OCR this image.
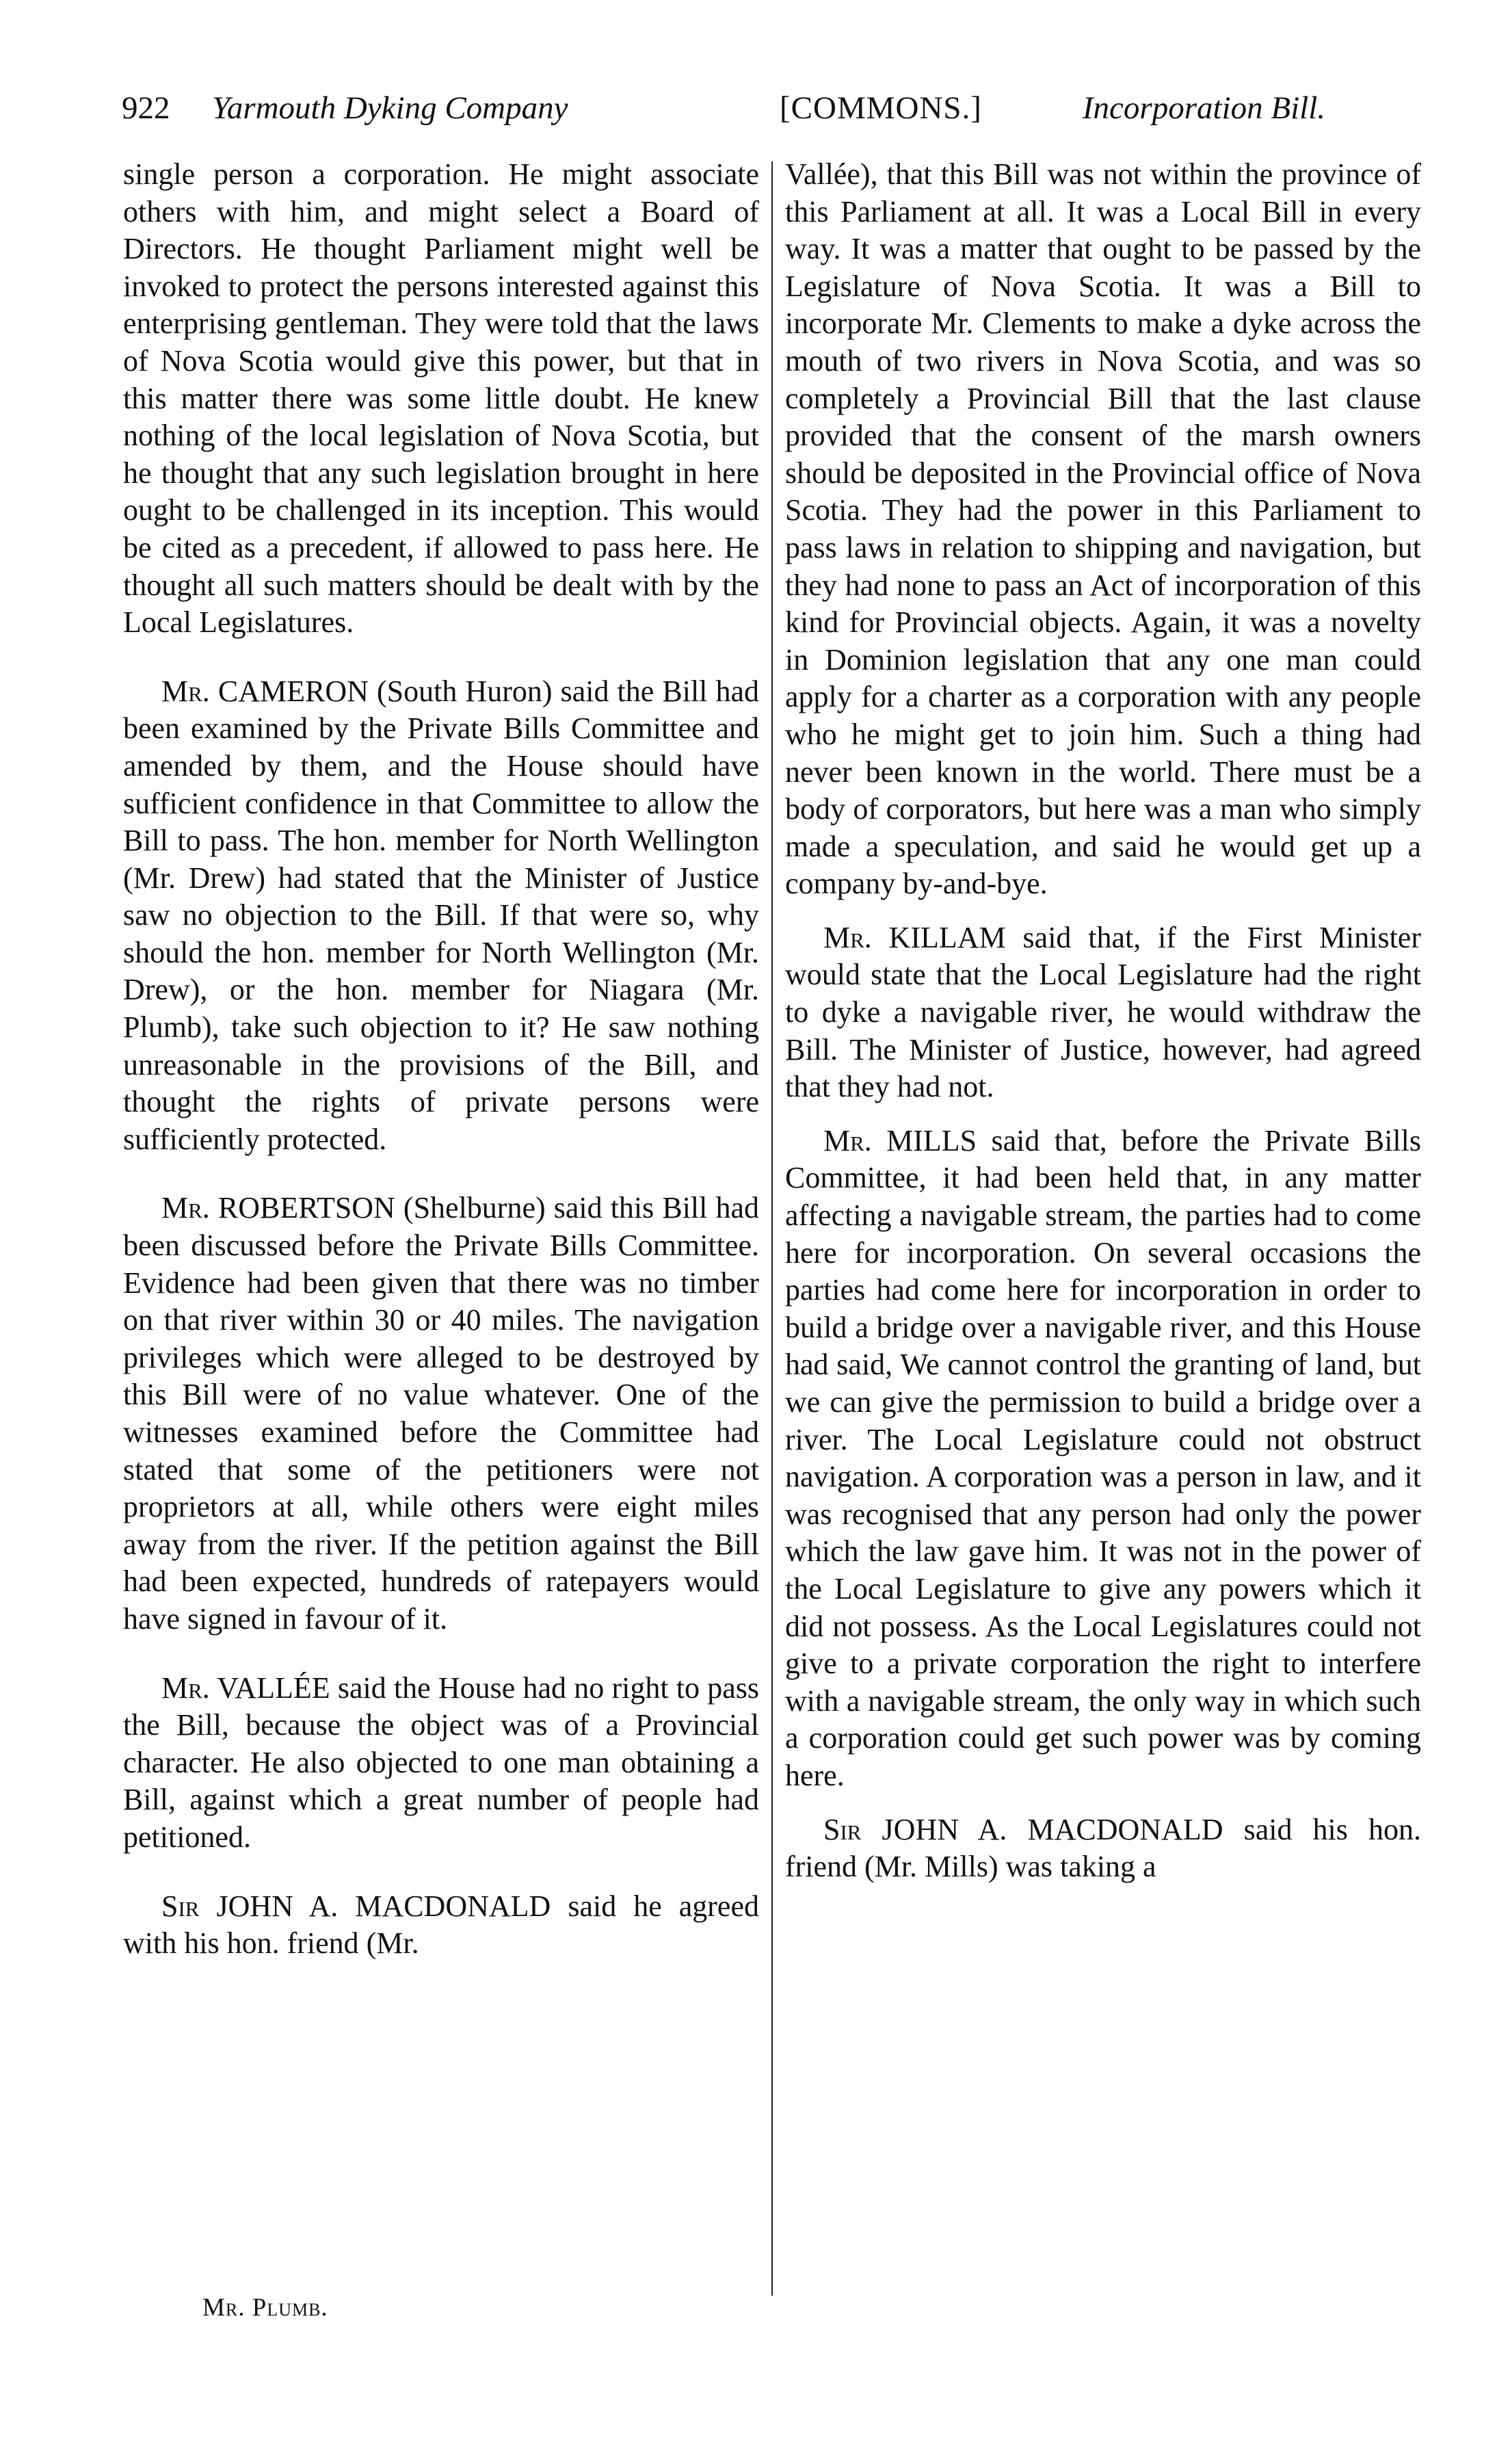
922 Yarmouth Dyking Company	[COMMONS.]	Incorporation Bill.

single person a corporation. He might associate others with him, and might select a Board of Directors. He thought Parliament might well be invoked to protect the persons interested against this enterprising gentleman. They were told that the laws of Nova Scotia would give this power, but that in this matter there was some little doubt. He knew nothing of the local legislation of Nova Scotia, but he thought that any such legislation brought in here ought to be challenged in its inception. This would be cited as a precedent, if allowed to pass here. He thought all such matters should be dealt with by the Local Legislatures.

Mr. CAMERON (South Huron) said the Bill had been examined by the Private Bills Committee and amended by them, and the House should have sufficient confidence in that Committee to allow the Bill to pass. The hon. member for North Wellington (Mr. Drew) had stated that the Minister of Justice saw no objection to the Bill. If that were so, why should the hon. member for North Wellington (Mr. Drew), or the hon. member for Niagara (Mr. Plumb), take such objection to it? He saw nothing unreasonable in the provisions of the Bill, and thought the rights of private persons were sufficiently protected.

Mr. ROBERTSON (Shelburne) said this Bill had been discussed before the Private Bills Committee. Evidence had been given that there was no timber on that river within 30 or 40 miles. The navigation privileges which were alleged to be destroyed by this Bill were of no value whatever. One of the witnesses examined before the Committee had stated that some of the petitioners were not proprietors at all, while others were eight miles away from the river. If the petition against the Bill had been expected, hundreds of ratepayers would have signed in favour of it.

Mr. VALLÉE said the House had no right to pass the Bill, because the object was of a Provincial character. He also objected to one man obtaining a Bill, against which a great number of people had petitioned.

Sir JOHN A. MACDONALD said he agreed with his hon. friend (Mr.

Vallée), that this Bill was not within the province of this Parliament at all. It was a Local Bill in every way. It was a matter that ought to be passed by the Legislature of Nova Scotia. It was a Bill to incorporate Mr. Clements to make a dyke across the mouth of two rivers in Nova Scotia, and was so completely a Provincial Bill that the last clause provided that the consent of the marsh owners should be deposited in the Provincial office of Nova Scotia. They had the power in this Parliament to pass laws in relation to shipping and navigation, but they had none to pass an Act of incorporation of this kind for Provincial objects. Again, it was a novelty in Dominion legislation that any one man could apply for a charter as a corporation with any people who he might get to join him. Such a thing had never been known in the world. There must be a body of corporators, but here was a man who simply made a speculation, and said he would get up a company by-and-bye.

Mr. KILLAM said that, if the First Minister would state that the Local Legislature had the right to dyke a navigable river, he would withdraw the Bill. The Minister of Justice, however, had agreed that they had not.

Mr. MILLS said that, before the Private Bills Committee, it had been held that, in any matter affecting a navigable stream, the parties had to come here for incorporation. On several occasions the parties had come here for incorporation in order to build a bridge over a navigable river, and this House had said, We cannot control the granting of land, but we can give the permission to build a bridge over a river. The Local Legislature could not obstruct navigation. A corporation was a person in law, and it was recognised that any person had only the power which the law gave him. It was not in the power of the Local Legislature to give any powers which it did not possess. As the Local Legislatures could not give to a private corporation the right to interfere with a navigable stream, the only way in which such a corporation could get such power was by coming here.

Sir JOHN A. MACDONALD said his hon. friend (Mr. Mills) was taking a

Mr. Plumb.
